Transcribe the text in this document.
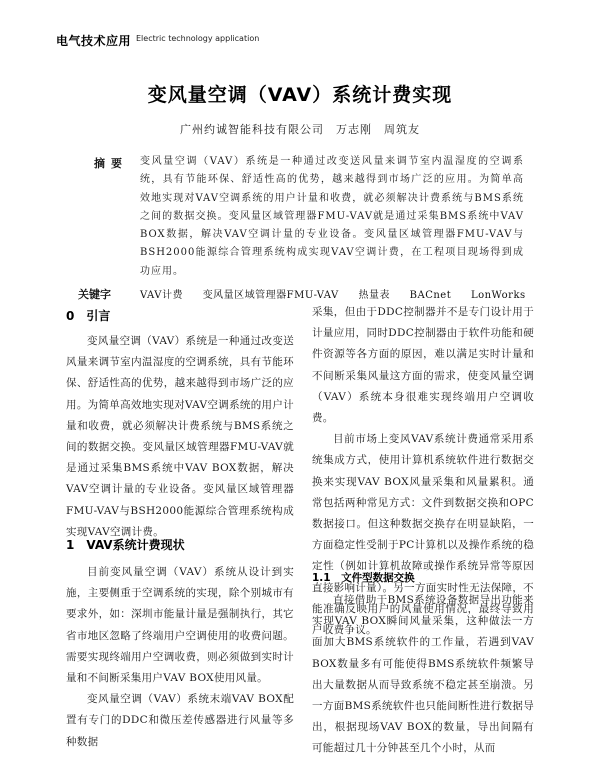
电气技术应用 Electric technology application
变风量空调（VAV）系统计费实现
广州约诚智能科技有限公司　万志刚　周筑友
摘要 变风量空调（VAV）系统是一种通过改变送风量来调节室内温湿度的空调系统，具有节能环保、舒适性高的优势，越来越得到市场广泛的应用。为简单高效地实现对VAV空调系统的用户计量和收费，就必须解决计费系统与BMS系统之间的数据交换。变风量区域管理器FMU-VAV就是通过采集BMS系统中VAV BOX数据，解决VAV空调计量的专业设备。变风量区域管理器FMU-VAV与BSH2000能源综合管理系统构成实现VAV空调计费，在工程项目现场得到成功应用。
关键字	VAV计费 变风量区域管理器FMU-VAV 热量表 BACnet LonWorks
0　引言

变风量空调（VAV）系统是一种通过改变送风量来调节室内温湿度的空调系统，具有节能环保、舒适性高的优势，越来越得到市场广泛的应用。为简单高效地实现对VAV空调系统的用户计量和收费，就必须解决计费系统与BMS系统之间的数据交换。变风量区域管理器FMU-VAV就是通过采集BMS系统中VAV BOX数据，解决VAV空调计量的专业设备。变风量区域管理器FMU-VAV与BSH2000能源综合管理系统构成实现VAV空调计费。

1　VAV系统计费现状

目前变风量空调（VAV）系统从设计到实施，主要侧重于空调系统的实现，除个别城市有要求外，如：深圳市能量计量是强制执行，其它省市地区忽略了终端用户空调使用的收费问题。需要实现终端用户空调收费，则必须做到实时计量和不间断采集用户VAV BOX使用风量。

变风量空调（VAV）系统末端VAV BOX配置有专门的DDC和微压差传感器进行风量等多种数据

采集，但由于DDC控制器并不是专门设计用于计量应用，同时DDC控制器由于软件功能和硬件资源等各方面的原因，难以满足实时计量和不间断采集风量这方面的需求，使变风量空调（VAV）系统本身很难实现终端用户空调收费。

目前市场上变风VAV系统计费通常采用系统集成方式，使用计算机系统软件进行数据交换来实现VAV BOX风量采集和风量累积。通常包括两种常见方式：文件到数据交换和OPC数据接口。但这种数据交换存在明显缺陷，一方面稳定性受制于PC计算机以及操作系统的稳定性（例如计算机故障或操作系统异常等原因直接影响计量）。另一方面实时性无法保障，不能准确反映用户的风量使用情况，最终导致用户收费争议。

1.1　文件型数据交换

直接借助于BMS系统设备数据导出功能来实现VAV BOX瞬间风量采集，这种做法一方面加大BMS系统软件的工作量，若遇到VAV BOX数量多有可能使得BMS系统软件频繁导出大量数据从而导致系统不稳定甚至崩溃。另一方面BMS系统软件也只能间断性进行数据导出，根据现场VAV BOX的数量，导出间隔有可能超过几十分钟甚至几个小时，从而
